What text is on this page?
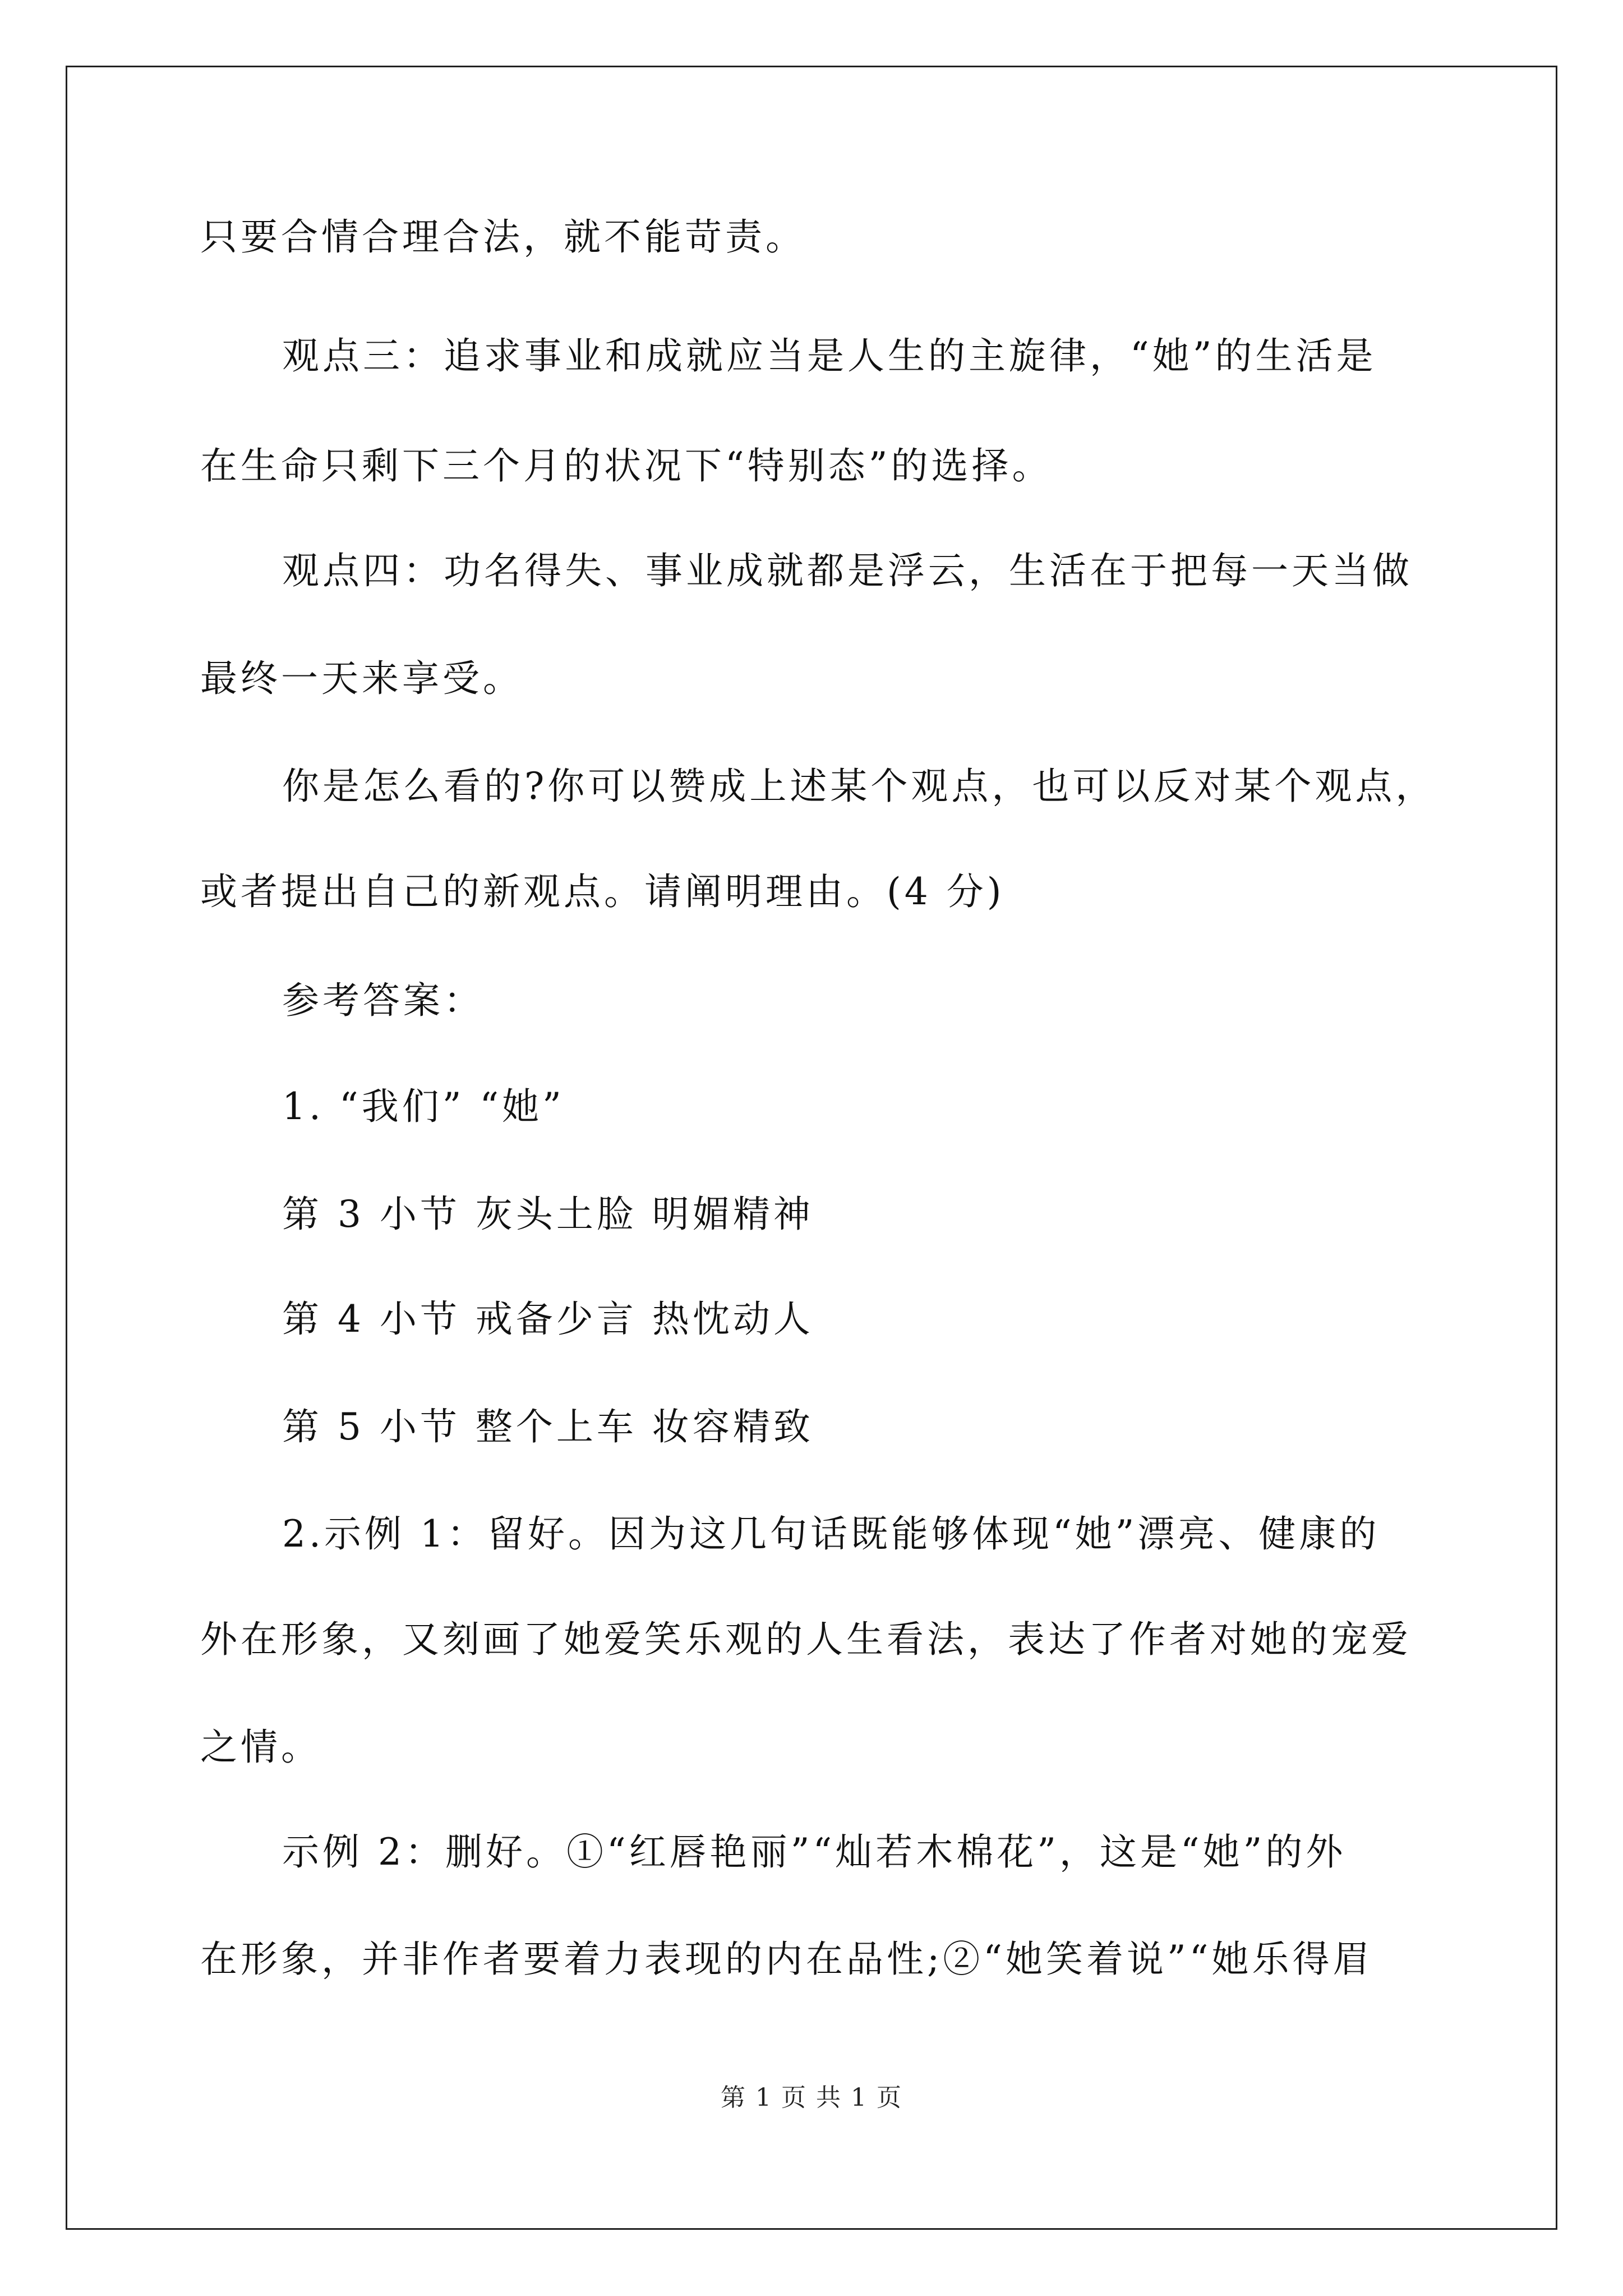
只要合情合理合法，就不能苛责。
观点三：追求事业和成就应当是人生的主旋律，“她”的生活是
在生命只剩下三个月的状况下“特别态”的选择。
观点四：功名得失、事业成就都是浮云，生活在于把每一天当做
最终一天来享受。
你是怎么看的?你可以赞成上述某个观点，也可以反对某个观点，
或者提出自己的新观点。请阐明理由。(4 分)
参考答案：
1. “我们” “她”
第 3 小节 灰头土脸 明媚精神
第 4 小节 戒备少言 热忱动人
第 5 小节 整个上车 妆容精致
2.示例 1：留好。因为这几句话既能够体现“她”漂亮、健康的
外在形象，又刻画了她爱笑乐观的人生看法，表达了作者对她的宠爱
之情。
示例 2：删好。①“红唇艳丽”“灿若木棉花”，这是“她”的外
在形象，并非作者要着力表现的内在品性;②“她笑着说”“她乐得眉
第 1 页 共 1 页
